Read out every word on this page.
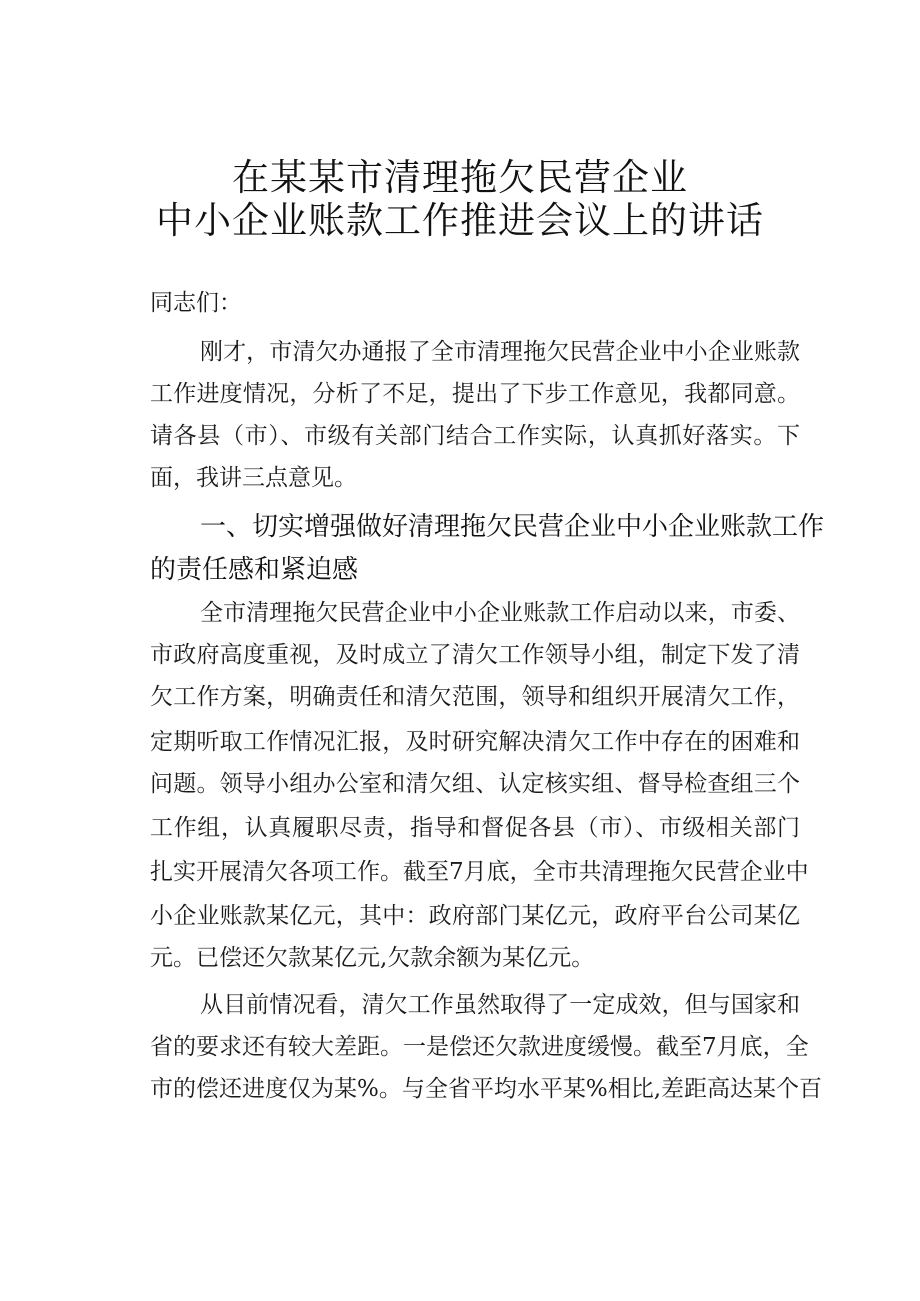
在某某市清理拖欠民营企业
中小企业账款工作推进会议上的讲话
同志们：
刚才，市清欠办通报了全市清理拖欠民营企业中小企业账款
工作进度情况，分析了不足，提出了下步工作意见，我都同意。
请各县（市）、市级有关部门结合工作实际，认真抓好落实。下
面，我讲三点意见。
一、切实增强做好清理拖欠民营企业中小企业账款工作
的责任感和紧迫感
全市清理拖欠民营企业中小企业账款工作启动以来，市委、
市政府高度重视，及时成立了清欠工作领导小组，制定下发了清
欠工作方案，明确责任和清欠范围，领导和组织开展清欠工作，
定期听取工作情况汇报，及时研究解决清欠工作中存在的困难和
问题。领导小组办公室和清欠组、认定核实组、督导检查组三个
工作组，认真履职尽责，指导和督促各县（市）、市级相关部门
扎实开展清欠各项工作。截至7月底，全市共清理拖欠民营企业中
小企业账款某亿元，其中：政府部门某亿元，政府平台公司某亿
元。已偿还欠款某亿元,欠款余额为某亿元。
从目前情况看，清欠工作虽然取得了一定成效，但与国家和
省的要求还有较大差距。一是偿还欠款进度缓慢。截至7月底，全
市的偿还进度仅为某%。与全省平均水平某%相比,差距高达某个百
